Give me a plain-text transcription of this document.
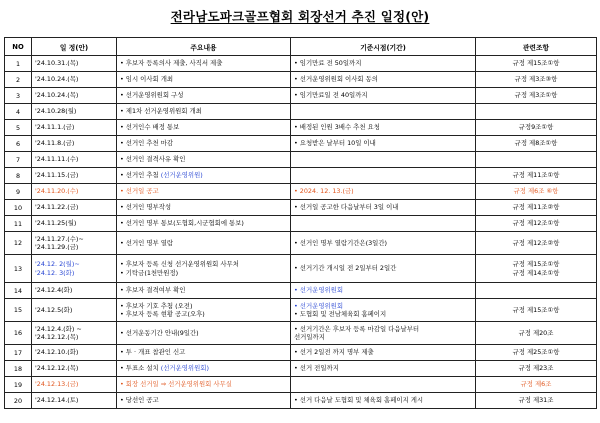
전라남도파크골프협회 회장선거 추진 일정(안)
NO	일 정(안)	주요내용	기준시점(기간)	관련조항
1	'24.10.31.(목)	• 후보자 등록의사 제출, 사직서 제출	• 임기만료 전 50일까지	규정 제15조①항

2	'24.10.24.(목)	• 임시 이사회 개최	• 선거운영위원회 이사회 동의	규정 제3조③항

3	'24.10.24.(목)	• 선거운영위원회 구성	• 임기만료일 전 40일까지	규정 제3조①항

4	'24.10.28(월)	• 제1차 선거운영위원회 개최		

5	'24.11.1.(금)	• 선거인수 배정 통보	• 배정된 인원 3배수 추천 요청	규정9조①항

6	'24.11.8.(금)	• 선거인 추천 마감	• 요청받은 날부터 10일 이내	규정 제8조①항

7	'24.11.11.(수)	• 선거인 결격사유 확인		

8	'24.11.15.(금)	• 선거인 추첨 (선거운영위원)		규정 제11조①항

9	'24.11.20.(수)	• 선거일 공고	• 2024. 12. 13.(금)	규정 제6조 ⑥항

10	'24.11.22.(금)	• 선거인 명부작성	• 선거일 공고한 다음날부터 3일 이내	규정 제11조②항

11	'24.11.25(월)	• 선거인 명부 통보(도협회,시군협회에 통보)		규정 제12조①항

12	'24.11.27.(수)~
'24.11.29.(금)	• 선거인 명부 열람	• 선거인 명부 열람기간은(3일간)	규정 제12조②항

13	'24.12. 2(월)~
'24.12. 3(화)	• 후보자 등록 신청 선거운영위원회 사무처
• 기탁금(1천만원정)	• 선거기간 개시일 전 2일부터 2일간	규정 제15조①항
규정 제14조①항

14	'24.12.4(화)	• 후보자 결격여부 확인	• 선거운영위원회	

15	'24.12.5(화)	• 후보자 기호 추첨 (오전)
• 후보자 등록 현황 공고(오후)	• 선거운영위원회
• 도협회 및 전남체육회 홈페이지	규정 제15조①항

16	'24.12.4.(화) ~
'24.12.12.(목)	• 선거운동기간 안내(9일간)	• 선거기간은 후보자 등록 마감일 다음날부터
선거일까지	규정 제20조

17	'24.12.10.(화)	• 투 · 개표 참관인 신고	• 선거 2일전 까지 명부 제출	규정 제25조①항

18	'24.12.12.(목)	• 투표소 설치 (선거운영위원회)	• 선거 전일까지	규정 제23조

19	'24.12.13.(금)	• 회장 선거일 ⇒ 선거운영위원회 사무실		규정 제6조

20	'24.12.14.(토)	• 당선인 공고	• 선거 다음날 도협회 및 체육회 홈페이지 게시	규정 제31조
